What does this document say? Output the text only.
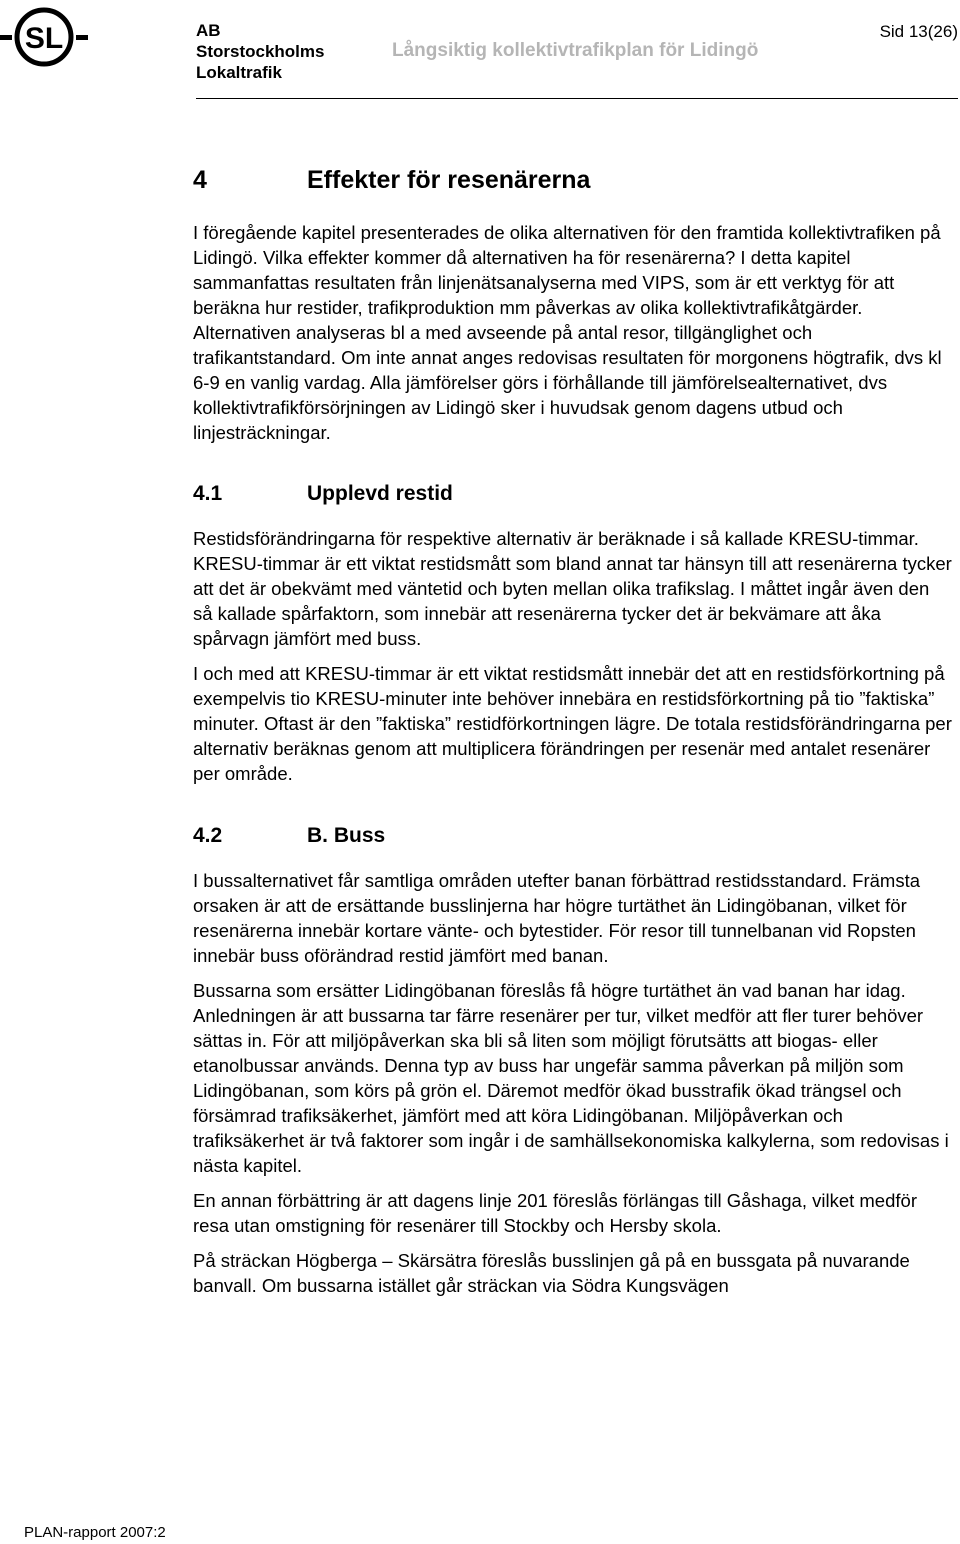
SL	AB
Storstockholms
Lokaltrafik
Långsiktig kollektivtrafikplan för Lidingö
Sid 13(26)
4	Effekter för resenärerna

I föregående kapitel presenterades de olika alternativen för den framtida kollektivtrafiken på Lidingö. Vilka effekter kommer då alternativen ha för resenärerna? I detta kapitel sammanfattas resultaten från linjenätsanalyserna med VIPS, som är ett verktyg för att beräkna hur restider, trafikproduktion mm påverkas av olika kollektivtrafikåtgärder. Alternativen analyseras bl a med avseende på antal resor, tillgänglighet och trafikantstandard. Om inte annat anges redovisas resultaten för morgonens högtrafik, dvs kl 6-9 en vanlig vardag. Alla jämförelser görs i förhållande till jämförelsealternativet, dvs kollektivtrafikförsörjningen av Lidingö sker i huvudsak genom dagens utbud och linjesträckningar.

4.1	Upplevd restid

Restidsförändringarna för respektive alternativ är beräknade i så kallade KRESU-timmar. KRESU-timmar är ett viktat restidsmått som bland annat tar hänsyn till att resenärerna tycker att det är obekvämt med väntetid och byten mellan olika trafikslag. I måttet ingår även den så kallade spårfaktorn, som innebär att resenärerna tycker det är bekvämare att åka spårvagn jämfört med buss.

I och med att KRESU-timmar är ett viktat restidsmått innebär det att en restidsförkortning på exempelvis tio KRESU-minuter inte behöver innebära en restidsförkortning på tio ”faktiska” minuter. Oftast är den ”faktiska” restidförkortningen lägre. De totala restidsförändringarna per alternativ beräknas genom att multiplicera förändringen per resenär med antalet resenärer per område.

4.2	B. Buss

I bussalternativet får samtliga områden utefter banan förbättrad restidsstandard. Främsta orsaken är att de ersättande busslinjerna har högre turtäthet än Lidingöbanan, vilket för resenärerna innebär kortare vänte- och bytestider. För resor till tunnelbanan vid Ropsten innebär buss oförändrad restid jämfört med banan.

Bussarna som ersätter Lidingöbanan föreslås få högre turtäthet än vad banan har idag. Anledningen är att bussarna tar färre resenärer per tur, vilket medför att fler turer behöver sättas in. För att miljöpåverkan ska bli så liten som möjligt förutsätts att biogas- eller etanolbussar används. Denna typ av buss har ungefär samma påverkan på miljön som Lidingöbanan, som körs på grön el. Däremot medför ökad busstrafik ökad trängsel och försämrad trafiksäkerhet, jämfört med att köra Lidingöbanan. Miljöpåverkan och trafiksäkerhet är två faktorer som ingår i de samhällsekonomiska kalkylerna, som redovisas i nästa kapitel.

En annan förbättring är att dagens linje 201 föreslås förlängas till Gåshaga, vilket medför resa utan omstigning för resenärer till Stockby och Hersby skola.

På sträckan Högberga – Skärsätra föreslås busslinjen gå på en bussgata på nuvarande banvall. Om bussarna istället går sträckan via Södra Kungsvägen

PLAN-rapport 2007:2
